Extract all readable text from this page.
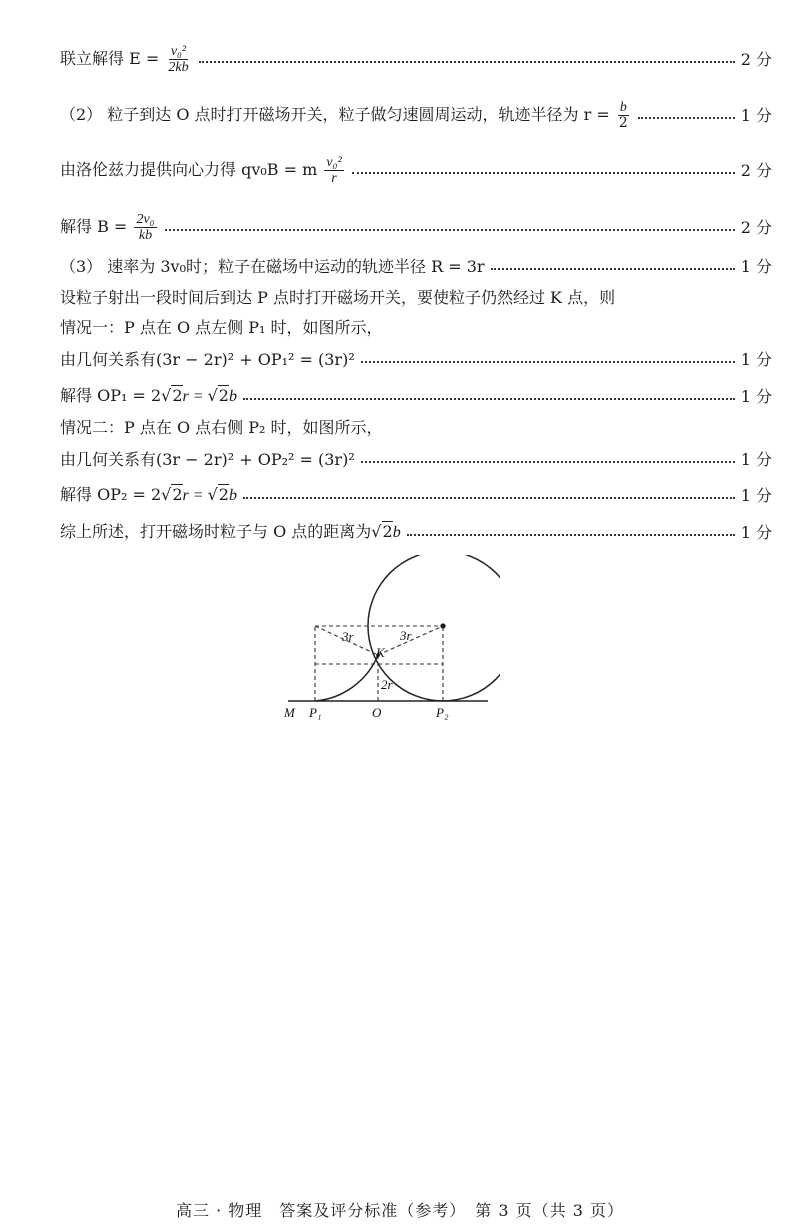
联立解得 $E = \frac{\text{v₀²}}{2kb}$	2 分
（2） 粒子到达 O 点时打开磁场开关，粒子做匀速圆周运动，轨迹半径为 $r = \frac{b}{2}$	1 分
由洛伦兹力提供向心力得 qv₀B = m $\frac{\text{v₀²}}{r}$	2 分
解得 $B = \frac{\text{2v₀}}{kb}$	2 分
（3） 速率为 3v₀时；粒子在磁场中运动的轨迹半径 R = 3r	1 分
设粒子射出一段时间后到达 P 点时打开磁场开关，要使粒子仍然经过 K 点，则
情况一：P 点在 O 点左侧 P₁ 时，如图所示，
由几何关系有(3r − 2r)² + OP₁² = (3r)²	1 分
解得 OP₁ = 2√2r = √2b	1 分
情况二：P 点在 O 点右侧 P₂ 时，如图所示，
由几何关系有(3r − 2r)² + OP₂² = (3r)²	1 分
解得 OP₂ = 2√2r = √2b	1 分
综上所述，打开磁场时粒子与 O 点的距离为√2b	1 分
M P₁	O	P₂
K
3r	3r
2r
高三 · 物理　答案及评分标准（参考）　第 3 页（共 3 页）
